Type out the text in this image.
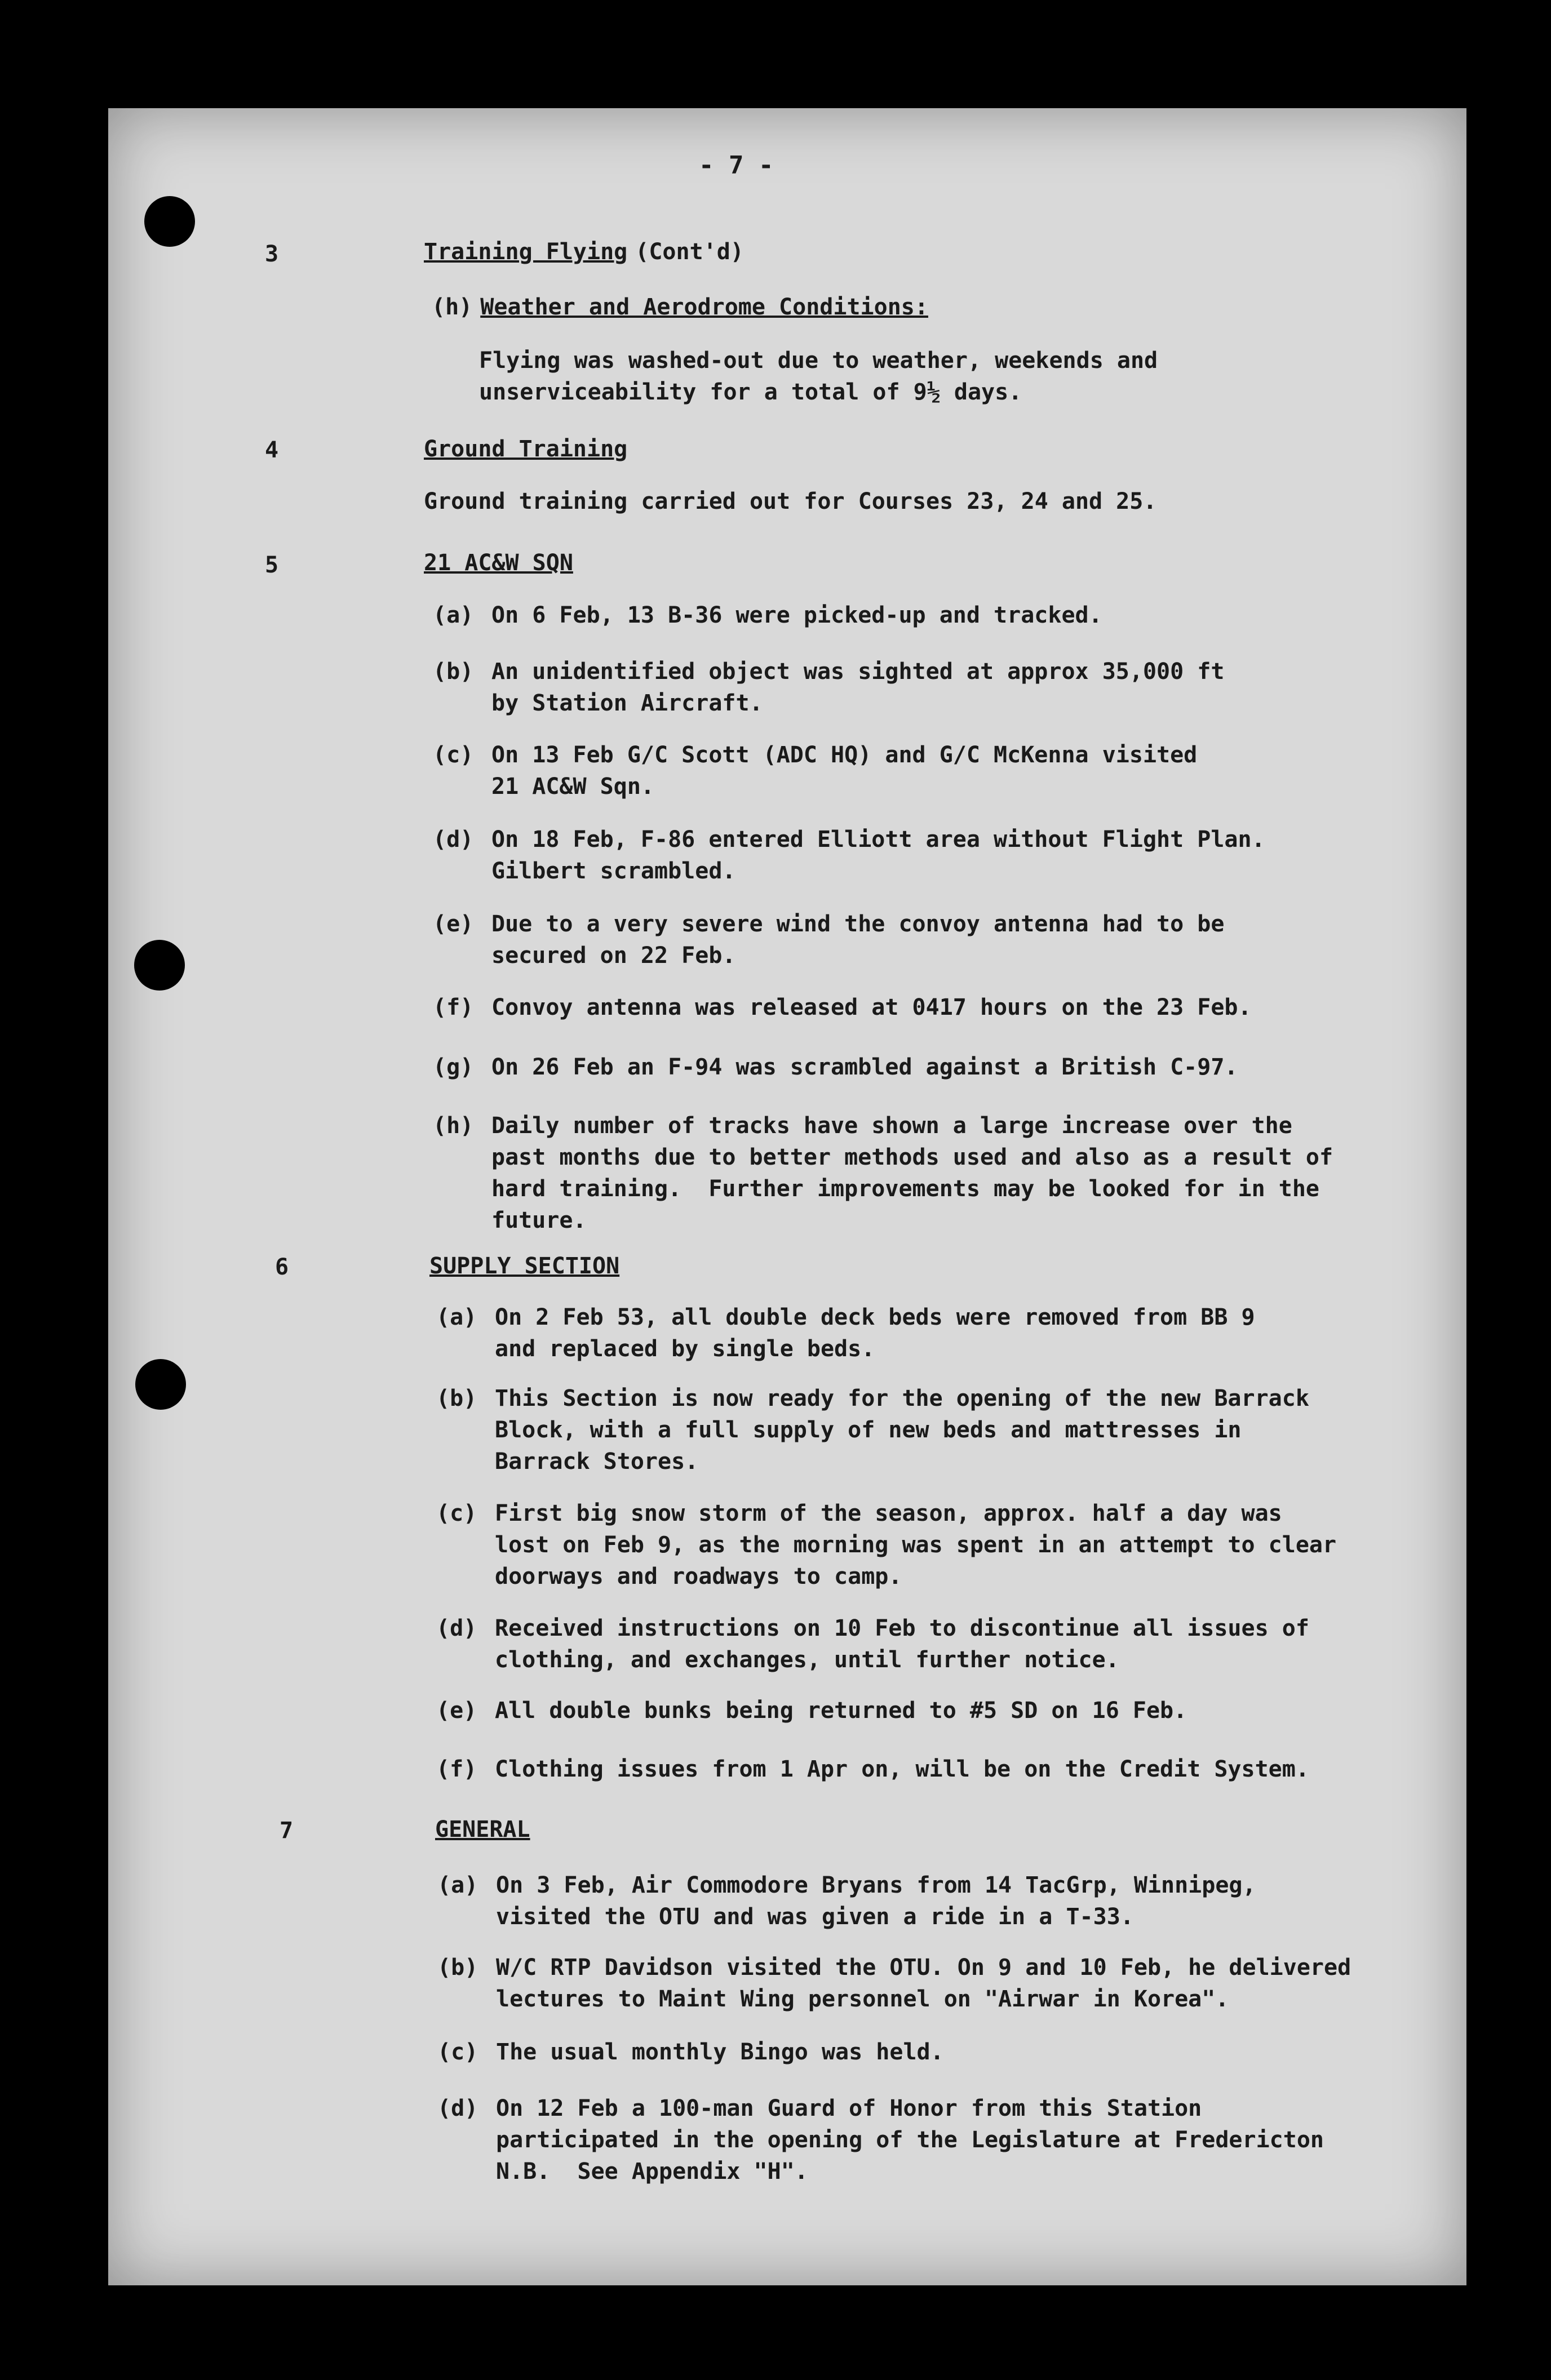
- 7 -
3	Training Flying (Cont'd)
(h) Weather and Aerodrome Conditions:
Flying was washed-out due to weather, weekends and
unserviceability for a total of 9½ days.
4	Ground Training
Ground training carried out for Courses 23, 24 and 25.
5	21 AC&W SQN
(a) On 6 Feb, 13 B-36 were picked-up and tracked.
(b) An unidentified object was sighted at approx 35,000 ft
by Station Aircraft.
(c) On 13 Feb G/C Scott (ADC HQ) and G/C McKenna visited
21 AC&W Sqn.
(d) On 18 Feb, F-86 entered Elliott area without Flight Plan.
Gilbert scrambled.
(e) Due to a very severe wind the convoy antenna had to be
secured on 22 Feb.
(f) Convoy antenna was released at 0417 hours on the 23 Feb.
(g) On 26 Feb an F-94 was scrambled against a British C-97.
(h) Daily number of tracks have shown a large increase over the
past months due to better methods used and also as a result of
hard training.  Further improvements may be looked for in the
future.
6	SUPPLY SECTION
(a) On 2 Feb 53, all double deck beds were removed from BB 9
and replaced by single beds.
(b) This Section is now ready for the opening of the new Barrack
Block, with a full supply of new beds and mattresses in
Barrack Stores.
(c) First big snow storm of the season, approx. half a day was
lost on Feb 9, as the morning was spent in an attempt to clear
doorways and roadways to camp.
(d) Received instructions on 10 Feb to discontinue all issues of
clothing, and exchanges, until further notice.
(e) All double bunks being returned to #5 SD on 16 Feb.
(f) Clothing issues from 1 Apr on, will be on the Credit System.
7	GENERAL
(a) On 3 Feb, Air Commodore Bryans from 14 TacGrp, Winnipeg,
visited the OTU and was given a ride in a T-33.
(b) W/C RTP Davidson visited the OTU. On 9 and 10 Feb, he delivered
lectures to Maint Wing personnel on "Airwar in Korea".
(c) The usual monthly Bingo was held.
(d) On 12 Feb a 100-man Guard of Honor from this Station
participated in the opening of the Legislature at Fredericton
N.B.  See Appendix "H".
